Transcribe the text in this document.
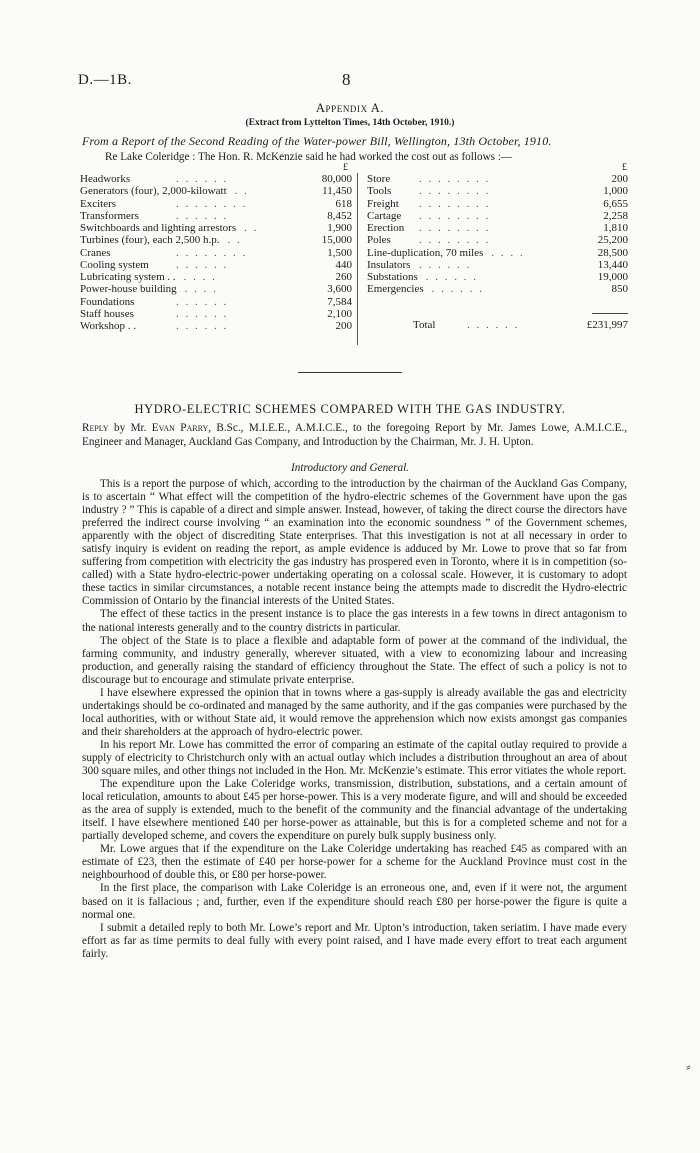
D.—1B.	8
Appendix A.
(Extract from Lyttelton Times, 14th October, 1910.)
From a Report of the Second Reading of the Water-power Bill, Wellington, 13th October, 1910.
Re Lake Coleridge : The Hon. R. McKenzie said he had worked the cost out as follows :—
£	£
Headworks	. . . . . .	80,000
Generators (four), 2,000-kilowatt . .	11,450
Exciters	. . . . . . . .	618
Transformers	. . . . . .	8,452
Switchboards and lighting arrestors . .	1,900
Turbines (four), each 2,500 h.p. . .	15,000
Cranes	. . . . . . . .	1,500
Cooling system . . . . . .	440
Lubricating system . . . . . .	260
Power-house building . . . .	3,600
Foundations	. . . . . .	7,584
Staff houses	. . . . . .	2,100
Workshop . .	. . . . . .	200
Store	. . . . . . . .	200
Tools	. . . . . . . .	1,000
Freight . . . . . . . .	6,655
Cartage . . . . . . . .	2,258
Erection . . . . . . . .	1,810
Poles	. . . . . . . .	25,200
Line-duplication, 70 miles . . . .	28,500
Insulators . . . . . .	13,440
Substations . . . . . .	19,000
Emergencies . . . . . .	850
Total	. . . . . .	£231,997
HYDRO-ELECTRIC SCHEMES COMPARED WITH THE GAS INDUSTRY.
Reply by Mr. Evan Parry, B.Sc., M.I.E.E., A.M.I.C.E., to the foregoing Report by Mr. James Lowe, A.M.I.C.E., Engineer and Manager, Auckland Gas Company, and Introduction by the Chairman, Mr. J. H. Upton.
Introductory and General.

This is a report the purpose of which, according to the introduction by the chairman of the Auckland Gas Company, is to ascertain “ What effect will the competition of the hydro-electric schemes of the Government have upon the gas industry ? ” This is capable of a direct and simple answer. Instead, however, of taking the direct course the directors have preferred the indirect course involving “ an examination into the economic soundness ” of the Government schemes, apparently with the object of discrediting State enterprises. That this investigation is not at all necessary in order to satisfy inquiry is evident on reading the report, as ample evidence is adduced by Mr. Lowe to prove that so far from suffering from competition with electricity the gas industry has prospered even in Toronto, where it is in competition (so-called) with a State hydro-electric-power undertaking operating on a colossal scale. However, it is customary to adopt these tactics in similar circumstances, a notable recent instance being the attempts made to discredit the Hydro-electric Commission of Ontario by the financial interests of the United States.

The effect of these tactics in the present instance is to place the gas interests in a few towns in direct antagonism to the national interests generally and to the country districts in particular.

The object of the State is to place a flexible and adaptable form of power at the command of the individual, the farming community, and industry generally, wherever situated, with a view to economizing labour and increasing production, and generally raising the standard of efficiency throughout the State. The effect of such a policy is not to discourage but to encourage and stimulate private enterprise.

I have elsewhere expressed the opinion that in towns where a gas-supply is already available the gas and electricity undertakings should be co-ordinated and managed by the same authority, and if the gas companies were purchased by the local authorities, with or without State aid, it would remove the apprehension which now exists amongst gas companies and their shareholders at the approach of hydro-electric power.

In his report Mr. Lowe has committed the error of comparing an estimate of the capital outlay required to provide a supply of electricity to Christchurch only with an actual outlay which includes a distribution throughout an area of about 300 square miles, and other things not included in the Hon. Mr. McKenzie’s estimate. This error vitiates the whole report.

The expenditure upon the Lake Coleridge works, transmission, distribution, substations, and a certain amount of local reticulation, amounts to about £45 per horse-power. This is a very moderate figure, and will and should be exceeded as the area of supply is extended, much to the benefit of the community and the financial advantage of the undertaking itself. I have elsewhere mentioned £40 per horse-power as attainable, but this is for a completed scheme and not for a partially developed scheme, and covers the expenditure on purely bulk supply business only.

Mr. Lowe argues that if the expenditure on the Lake Coleridge undertaking has reached £45 as compared with an estimate of £23, then the estimate of £40 per horse-power for a scheme for the Auckland Province must cost in the neighbourhood of double this, or £80 per horse-power.

In the first place, the comparison with Lake Coleridge is an erroneous one, and, even if it were not, the argument based on it is fallacious ; and, further, even if the expenditure should reach £80 per horse-power the figure is quite a normal one.

I submit a detailed reply to both Mr. Lowe’s report and Mr. Upton’s introduction, taken seriatim. I have made every effort as far as time permits to deal fully with every point raised, and I have made every effort to treat each argument fairly.

⸗
